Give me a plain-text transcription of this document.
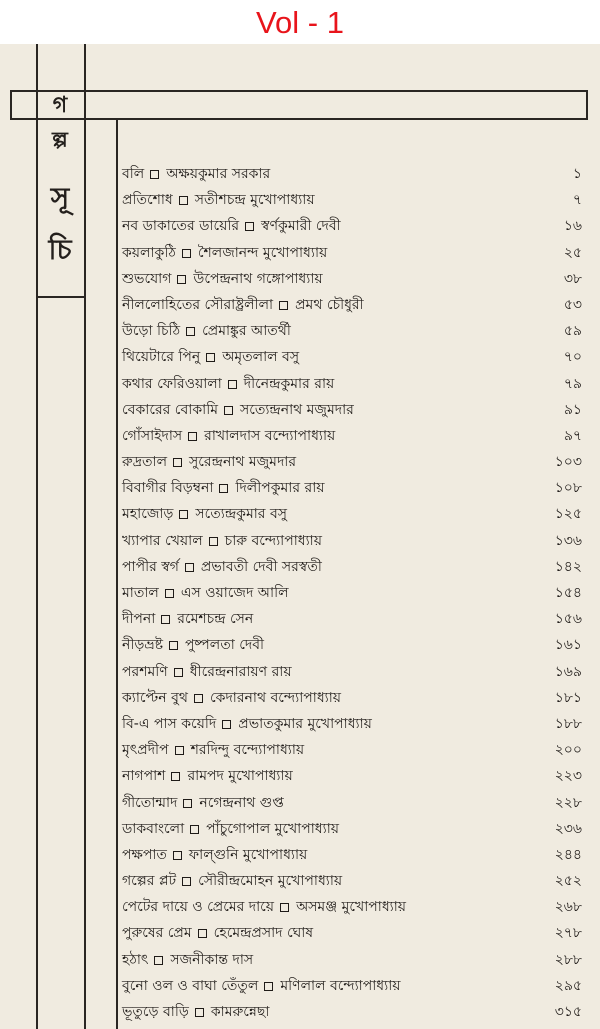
Vol - 1
গ
ল্প
সূ
চি
বলি অক্ষয়কুমার সরকার	১
প্রতিশোধ সতীশচন্দ্র মুখোপাধ্যায়	৭
নব ডাকাতের ডায়েরি স্বর্ণকুমারী দেবী	১৬
কয়লাকুঠি শৈলজানন্দ মুখোপাধ্যায়	২৫
শুভযোগ উপেন্দ্রনাথ গঙ্গোপাধ্যায়	৩৮
নীললোহিতের সৌরাষ্ট্রলীলা প্রমথ চৌধুরী	৫৩
উড়ো চিঠি প্রেমাঙ্কুর আতর্থী	৫৯
থিয়েটারে পিনু অমৃতলাল বসু	৭০
কথার ফেরিওয়ালা দীনেন্দ্রকুমার রায়	৭৯
বেকারের বোকামি সত্যেন্দ্রনাথ মজুমদার	৯১
গোঁসাইদাস রাখালদাস বন্দ্যোপাধ্যায়	৯৭
রুদ্রতাল সুরেন্দ্রনাথ মজুমদার	১০৩
বিবাগীর বিড়ম্বনা দিলীপকুমার রায়	১০৮
মহাজোড় সত্যেন্দ্রকুমার বসু	১২৫
খ্যাপার খেয়াল চারু বন্দ্যোপাধ্যায়	১৩৬
পাপীর স্বর্গ প্রভাবতী দেবী সরস্বতী	১৪২
মাতাল এস ওয়াজেদ আলি	১৫৪
দীপনা রমেশচন্দ্র সেন	১৫৬
নীড়ভ্রষ্ট পুষ্পলতা দেবী	১৬১
পরশমণি ধীরেন্দ্রনারায়ণ রায়	১৬৯
ক্যাপ্টেন বুথ কেদারনাথ বন্দ্যোপাধ্যায়	১৮১
বি-এ পাস কয়েদি প্রভাতকুমার মুখোপাধ্যায়	১৮৮
মৃৎপ্রদীপ শরদিন্দু বন্দ্যোপাধ্যায়	২০০
নাগপাশ রামপদ মুখোপাধ্যায়	২২৩
গীতোন্মাদ নগেন্দ্রনাথ গুপ্ত	২২৮
ডাকবাংলো পাঁচুগোপাল মুখোপাধ্যায়	২৩৬
পক্ষপাত ফাল্গুনি মুখোপাধ্যায়	২৪৪
গল্পের প্লট সৌরীন্দ্রমোহন মুখোপাধ্যায়	২৫২
পেটের দায়ে ও প্রেমের দায়ে অসমঞ্জ মুখোপাধ্যায়	২৬৮
পুরুষের প্রেম হেমেন্দ্রপ্রসাদ ঘোষ	২৭৮
হঠাৎ সজনীকান্ত দাস	২৮৮
বুনো ওল ও বাঘা তেঁতুল মণিলাল বন্দ্যোপাধ্যায়	২৯৫
ভূতুড়ে বাড়ি কামরুন্নেছা	৩১৫
